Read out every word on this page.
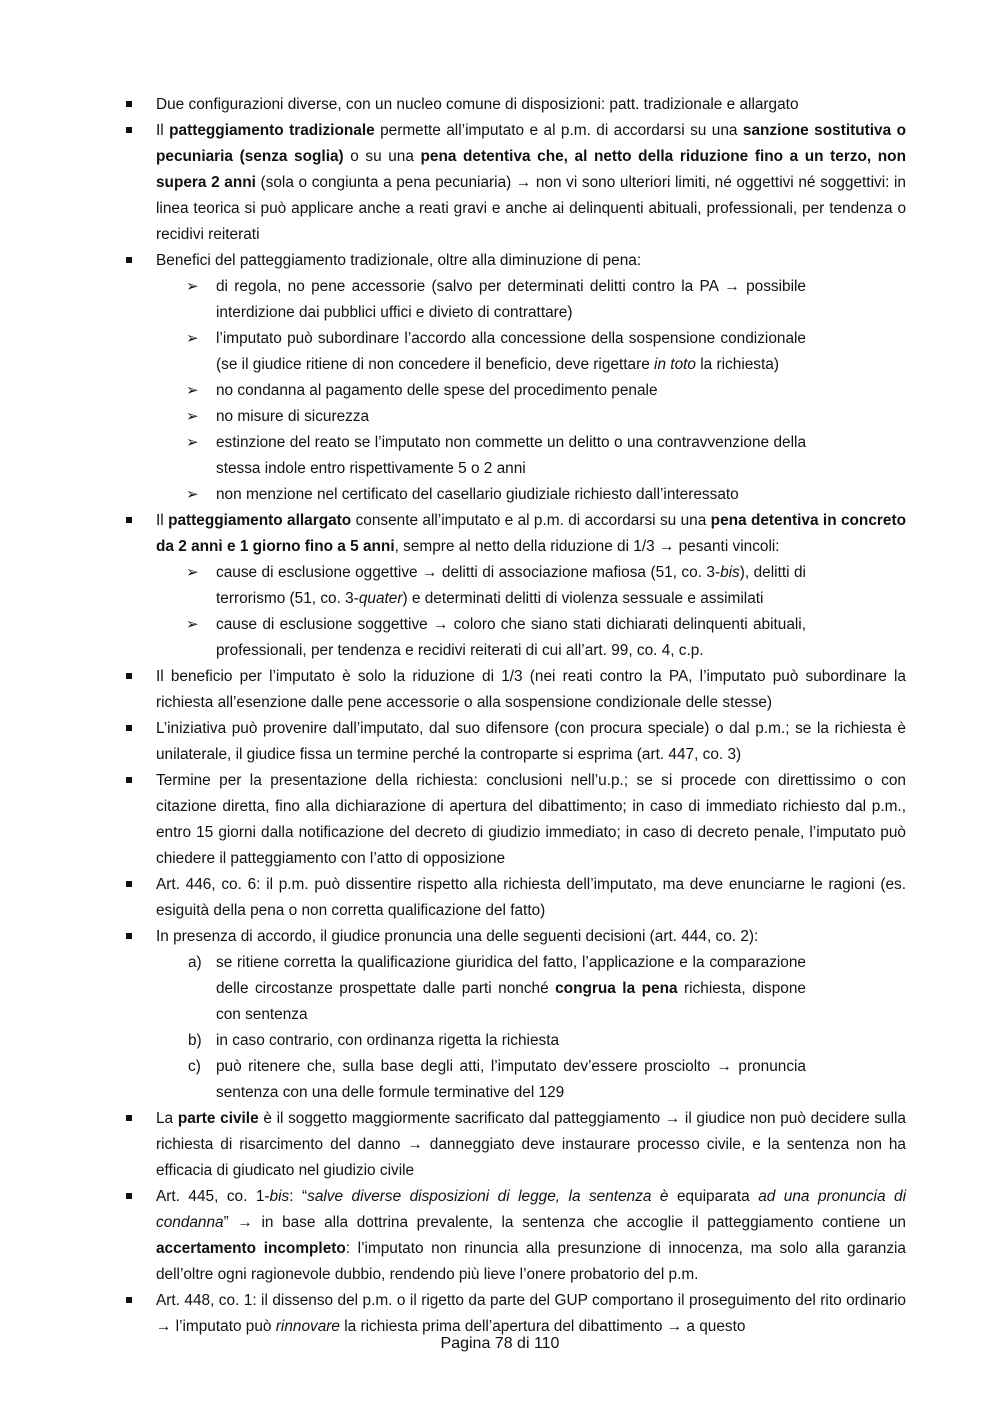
Due configurazioni diverse, con un nucleo comune di disposizioni: patt. tradizionale e allargato
Il patteggiamento tradizionale permette all’imputato e al p.m. di accordarsi su una sanzione sostitutiva o pecuniaria (senza soglia) o su una pena detentiva che, al netto della riduzione fino a un terzo, non supera 2 anni (sola o congiunta a pena pecuniaria) → non vi sono ulteriori limiti, né oggettivi né soggettivi: in linea teorica si può applicare anche a reati gravi e anche ai delinquenti abituali, professionali, per tendenza o recidivi reiterati
Benefici del patteggiamento tradizionale, oltre alla diminuzione di pena:
➢ di regola, no pene accessorie (salvo per determinati delitti contro la PA → possibile interdizione dai pubblici uffici e divieto di contrattare)
➢ l’imputato può subordinare l’accordo alla concessione della sospensione condizionale (se il giudice ritiene di non concedere il beneficio, deve rigettare in toto la richiesta)
➢ no condanna al pagamento delle spese del procedimento penale
➢ no misure di sicurezza
➢ estinzione del reato se l’imputato non commette un delitto o una contravvenzione della stessa indole entro rispettivamente 5 o 2 anni
➢ non menzione nel certificato del casellario giudiziale richiesto dall’interessato
Il patteggiamento allargato consente all’imputato e al p.m. di accordarsi su una pena detentiva in concreto da 2 anni e 1 giorno fino a 5 anni, sempre al netto della riduzione di 1/3 → pesanti vincoli:
➢ cause di esclusione oggettive → delitti di associazione mafiosa (51, co. 3-bis), delitti di terrorismo (51, co. 3-quater) e determinati delitti di violenza sessuale e assimilati
➢ cause di esclusione soggettive → coloro che siano stati dichiarati delinquenti abituali, professionali, per tendenza e recidivi reiterati di cui all’art. 99, co. 4, c.p.
Il beneficio per l’imputato è solo la riduzione di 1/3 (nei reati contro la PA, l’imputato può subordinare la richiesta all’esenzione dalle pene accessorie o alla sospensione condizionale delle stesse)
L’iniziativa può provenire dall’imputato, dal suo difensore (con procura speciale) o dal p.m.; se la richiesta è unilaterale, il giudice fissa un termine perché la controparte si esprima (art. 447, co. 3)
Termine per la presentazione della richiesta: conclusioni nell’u.p.; se si procede con direttissimo o con citazione diretta, fino alla dichiarazione di apertura del dibattimento; in caso di immediato richiesto dal p.m., entro 15 giorni dalla notificazione del decreto di giudizio immediato; in caso di decreto penale, l’imputato può chiedere il patteggiamento con l’atto di opposizione
Art. 446, co. 6: il p.m. può dissentire rispetto alla richiesta dell’imputato, ma deve enunciarne le ragioni (es. esiguità della pena o non corretta qualificazione del fatto)
In presenza di accordo, il giudice pronuncia una delle seguenti decisioni (art. 444, co. 2):
a) se ritiene corretta la qualificazione giuridica del fatto, l’applicazione e la comparazione delle circostanze prospettate dalle parti nonché congrua la pena richiesta, dispone con sentenza
b) in caso contrario, con ordinanza rigetta la richiesta
c) può ritenere che, sulla base degli atti, l’imputato dev’essere prosciolto → pronuncia sentenza con una delle formule terminative del 129
La parte civile è il soggetto maggiormente sacrificato dal patteggiamento → il giudice non può decidere sulla richiesta di risarcimento del danno → danneggiato deve instaurare processo civile, e la sentenza non ha efficacia di giudicato nel giudizio civile
Art. 445, co. 1-bis: “salve diverse disposizioni di legge, la sentenza è equiparata ad una pronuncia di condanna” → in base alla dottrina prevalente, la sentenza che accoglie il patteggiamento contiene un accertamento incompleto: l’imputato non rinuncia alla presunzione di innocenza, ma solo alla garanzia dell’oltre ogni ragionevole dubbio, rendendo più lieve l’onere probatorio del p.m.
Art. 448, co. 1: il dissenso del p.m. o il rigetto da parte del GUP comportano il proseguimento del rito ordinario → l’imputato può rinnovare la richiesta prima dell’apertura del dibattimento → a questo
Pagina 78 di 110
